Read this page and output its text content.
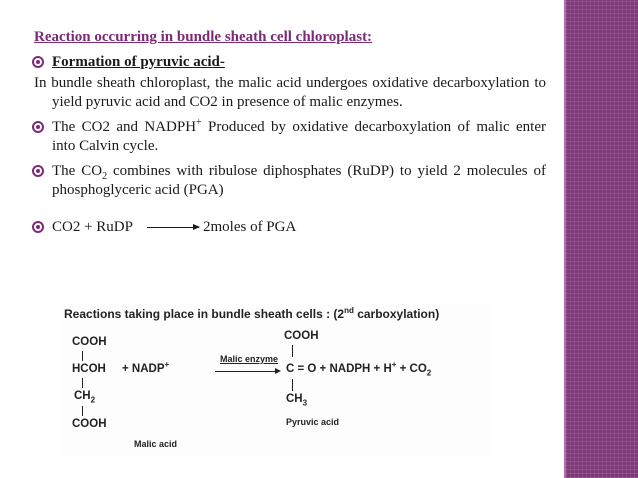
Reaction occurring in bundle sheath cell chloroplast:
Formation of pyruvic acid-
In bundle sheath chloroplast, the malic acid undergoes oxidative decarboxylation to yield pyruvic acid and CO2 in presence of malic enzymes.
The CO2 and NADPH+ Produced by oxidative decarboxylation of malic enter into Calvin cycle.
The $CO_2$ combines with ribulose diphosphates (RuDP) to yield 2 molecules of phosphoglyceric acid (PGA)
CO2 + RuDP → 2moles of PGA
Reactions taking place in bundle sheath cells : (2nd carboxylation)
COOH
HCOH + NADP+
$CH_2$
COOH
Malic acid
Malic enzyme
COOH
C = O + NADPH + $H^+ + CO_2$
$CH_3$
Pyruvic acid
